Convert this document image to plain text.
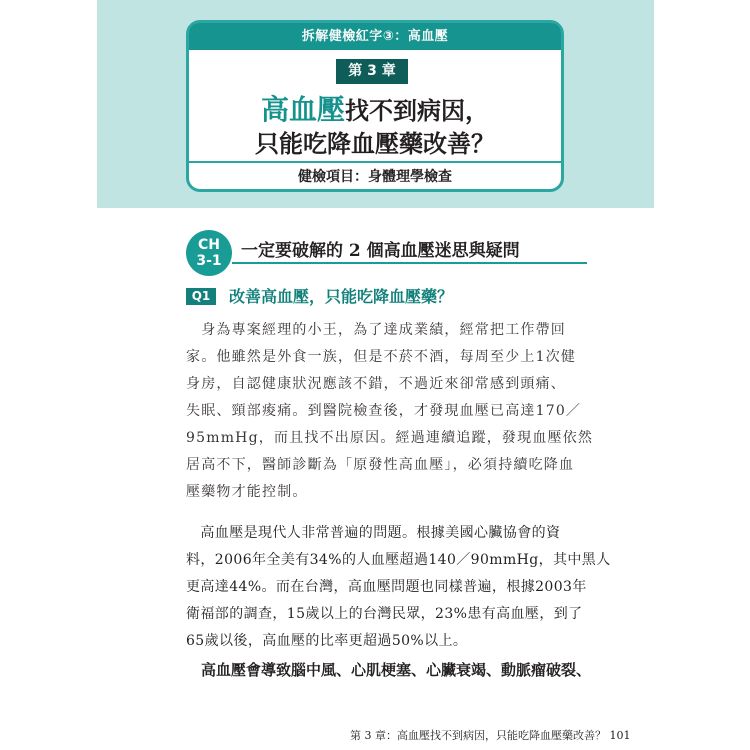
拆解健檢紅字③：高血壓
第 3 章
高血壓找不到病因，
只能吃降血壓藥改善？
健檢項目：身體理學檢查
CH
3-1	一定要破解的 2 個高血壓迷思與疑問
Q1	改善高血壓，只能吃降血壓藥？
　身為專案經理的小王，為了達成業績，經常把工作帶回
家。他雖然是外食一族，但是不菸不酒，每周至少上1次健
身房，自認健康狀況應該不錯，不過近來卻常感到頭痛、
失眠、頸部痠痛。到醫院檢查後，才發現血壓已高達170／
95mmHg，而且找不出原因。經過連續追蹤，發現血壓依然
居高不下，醫師診斷為「原發性高血壓」，必須持續吃降血
壓藥物才能控制。
　高血壓是現代人非常普遍的問題。根據美國心臟協會的資
料，2006年全美有34%的人血壓超過140／90mmHg，其中黑人
更高達44%。而在台灣，高血壓問題也同樣普遍，根據2003年
衛福部的調查，15歲以上的台灣民眾，23%患有高血壓，到了
65歲以後，高血壓的比率更超過50%以上。
　高血壓會導致腦中風、心肌梗塞、心臟衰竭、動脈瘤破裂、
第 3 章：高血壓找不到病因，只能吃降血壓藥改善？ 101
